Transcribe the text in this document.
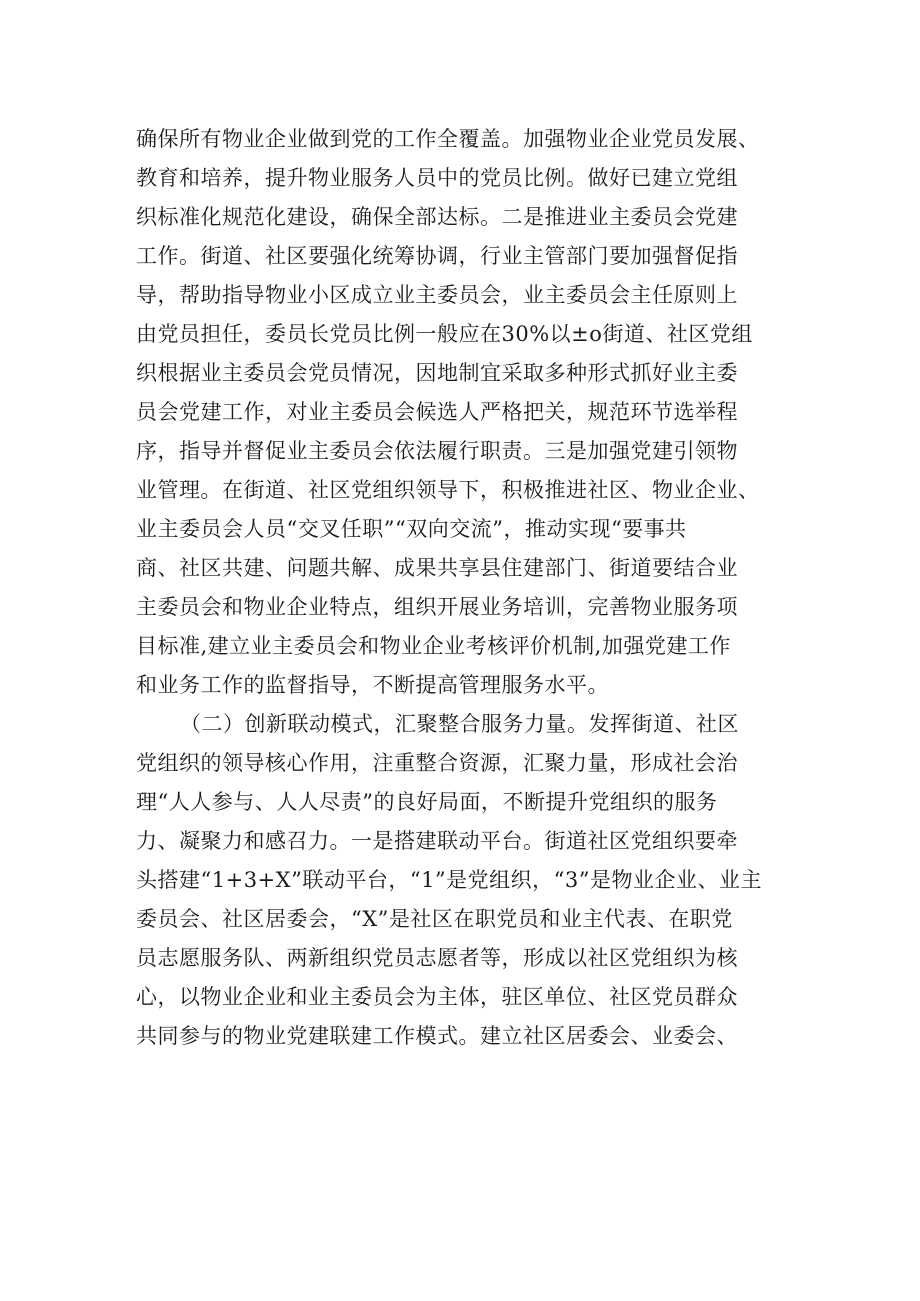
确保所有物业企业做到党的工作全覆盖。加强物业企业党员发展、
教育和培养，提升物业服务人员中的党员比例。做好已建立党组
织标准化规范化建设，确保全部达标。二是推进业主委员会党建
工作。街道、社区要强化统筹协调，行业主管部门要加强督促指
导，帮助指导物业小区成立业主委员会，业主委员会主任原则上
由党员担任，委员长党员比例一般应在30%以±o街道、社区党组
织根据业主委员会党员情况，因地制宜采取多种形式抓好业主委
员会党建工作，对业主委员会候选人严格把关，规范环节选举程
序，指导并督促业主委员会依法履行职责。三是加强党建引领物
业管理。在街道、社区党组织领导下，积极推进社区、物业企业、
业主委员会人员“交叉任职”“双向交流”，推动实现“要事共
商、社区共建、问题共解、成果共享县住建部门、街道要结合业
主委员会和物业企业特点，组织开展业务培训，完善物业服务项
目标准,建立业主委员会和物业企业考核评价机制,加强党建工作
和业务工作的监督指导，不断提高管理服务水平。
（二）创新联动模式，汇聚整合服务力量。发挥街道、社区
党组织的领导核心作用，注重整合资源，汇聚力量，形成社会治
理“人人参与、人人尽责”的良好局面，不断提升党组织的服务
力、凝聚力和感召力。一是搭建联动平台。街道社区党组织要牵
头搭建“1+3+X”联动平台，“1”是党组织，“3”是物业企业、业主
委员会、社区居委会，“X”是社区在职党员和业主代表、在职党
员志愿服务队、两新组织党员志愿者等，形成以社区党组织为核
心，以物业企业和业主委员会为主体，驻区单位、社区党员群众
共同参与的物业党建联建工作模式。建立社区居委会、业委会、
